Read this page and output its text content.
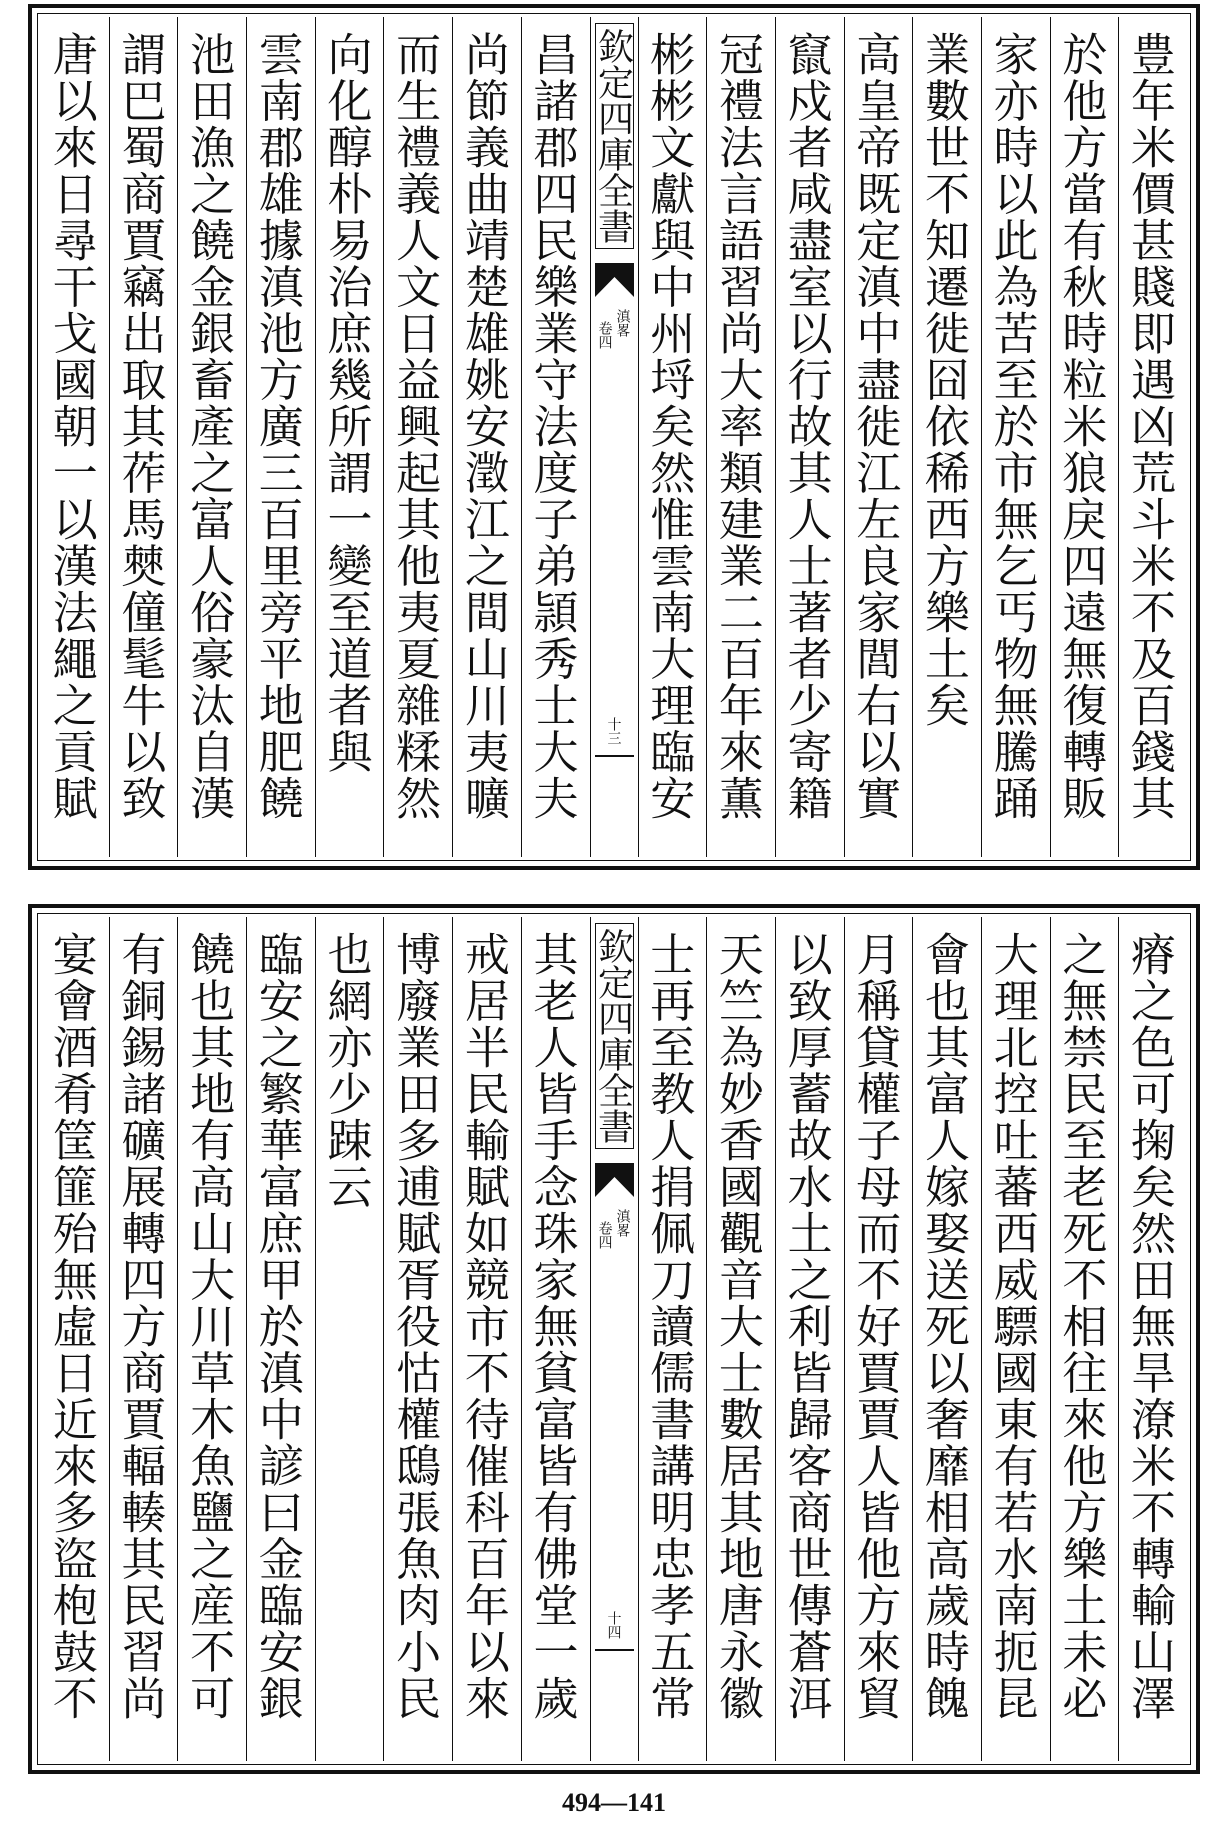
豊年米價甚賤即遇凶荒斗米不及百錢其
於他方當有秋時粒米狼戾四遠無復轉販
家亦時以此為苦至於市無乞丐物無騰踊
業數世不知遷徙囧依稀西方樂土矣
高皇帝既定滇中盡徙江左良家閭右以實
竄戍者咸盡室以行故其人士著者少寄籍
冠禮法言語習尚大率類建業二百年來薫
彬彬文獻與中州埒矣然惟雲南大理臨安
欽定四庫全書
滇畧
卷四
十三
昌諸郡四民樂業守法度子弟頴秀士大夫
尚節義曲靖楚雄姚安澂江之間山川夷曠
而生禮義人文日益興起其他夷夏雜糅然
向化醇朴易治庶幾所謂一變至道者與
雲南郡雄據滇池方廣三百里旁平地肥饒
池田漁之饒金銀畜產之富人俗豪汰自漢
謂巴蜀商賈竊出取其莋馬僰僮髦牛以致
唐以來日尋干戈國朝一以漢法繩之貢賦
瘠之色可掬矣然田無旱潦米不轉輸山澤
之無禁民至老死不相往來他方樂土未必
大理北控吐蕃西威驃國東有若水南扼昆
會也其富人嫁娶送死以奢靡相高歲時餽
月稱貸權子母而不好賈賈人皆他方來貿
以致厚蓄故水土之利皆歸客商世傳蒼洱
天竺為妙香國觀音大士數居其地唐永徽
士再至教人捐佩刀讀儒書講明忠孝五常
欽定四庫全書
滇畧
卷四
十四
其老人皆手念珠家無貧富皆有佛堂一歲
戒居半民輸賦如競市不待催科百年以來
博廢業田多逋賦胥役怙權鴟張魚肉小民
也網亦少踈云
臨安之繁華富庶甲於滇中諺曰金臨安銀
饒也其地有高山大川草木魚鹽之産不可
有銅錫諸礦展轉四方商賈輻輳其民習尚
宴會酒肴筐篚殆無虛日近來多盜枹鼓不
494—141
